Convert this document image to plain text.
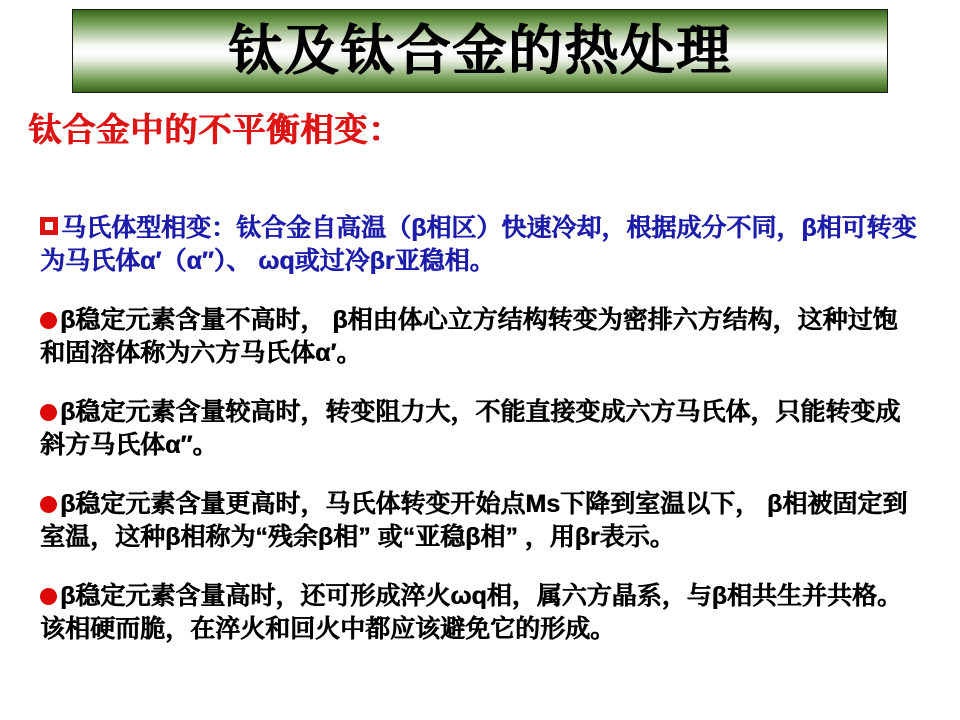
钛及钛合金的热处理
钛合金中的不平衡相变：

马氏体型相变：钛合金自高温（β相区）快速冷却，根据成分不同，β相可转变为马氏体α′（α″）、 ωq或过冷βr亚稳相。

β稳定元素含量不高时， β相由体心立方结构转变为密排六方结构，这种过饱和固溶体称为六方马氏体α′。

β稳定元素含量较高时，转变阻力大，不能直接变成六方马氏体，只能转变成斜方马氏体α″。

β稳定元素含量更高时，马氏体转变开始点Ms下降到室温以下， β相被固定到室温，这种β相称为“残余β相” 或“亚稳β相” ，用βr表示。

β稳定元素含量高时，还可形成淬火ωq相，属六方晶系，与β相共生并共格。该相硬而脆，在淬火和回火中都应该避免它的形成。
